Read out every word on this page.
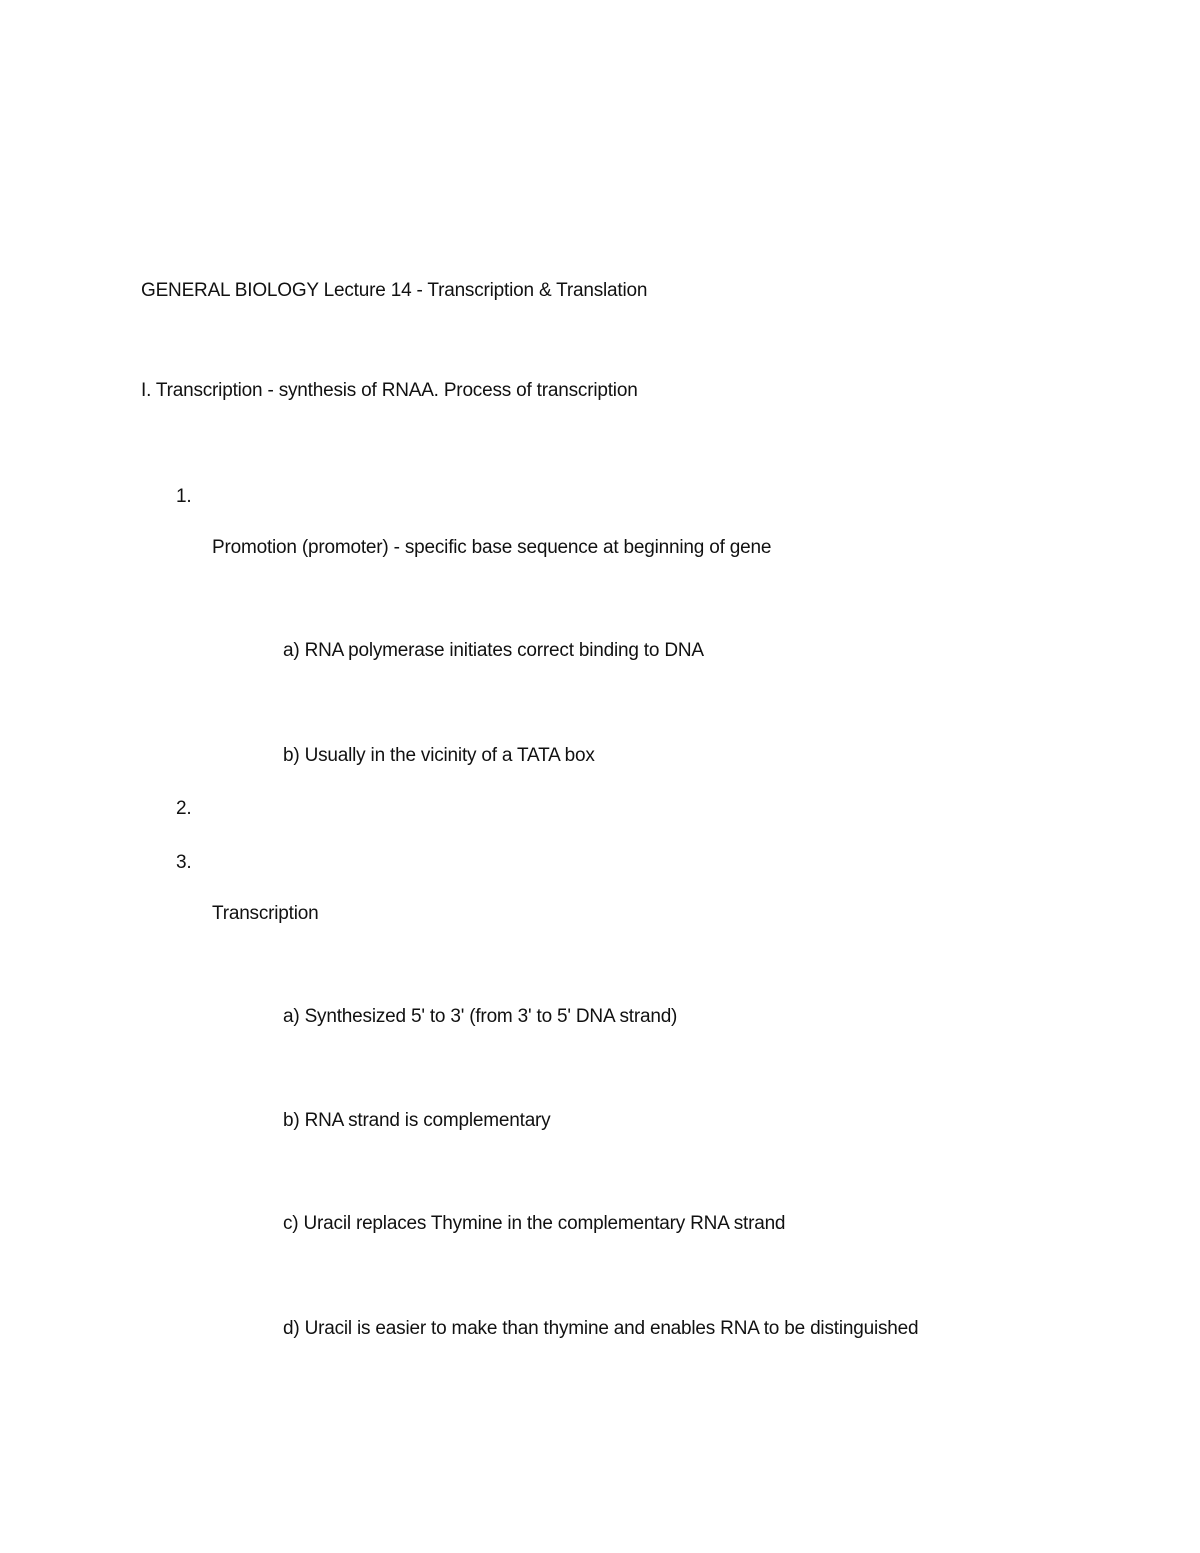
GENERAL BIOLOGY Lecture 14 - Transcription & Translation
I. Transcription - synthesis of RNAA. Process of transcription
1.
Promotion (promoter) - specific base sequence at beginning of gene
a) RNA polymerase initiates correct binding to DNA
b) Usually in the vicinity of a TATA box
2.
3.
Transcription
a) Synthesized 5' to 3' (from 3' to 5' DNA strand)
b) RNA strand is complementary
c) Uracil replaces Thymine in the complementary RNA strand
d) Uracil is easier to make than thymine and enables RNA to be distinguished
